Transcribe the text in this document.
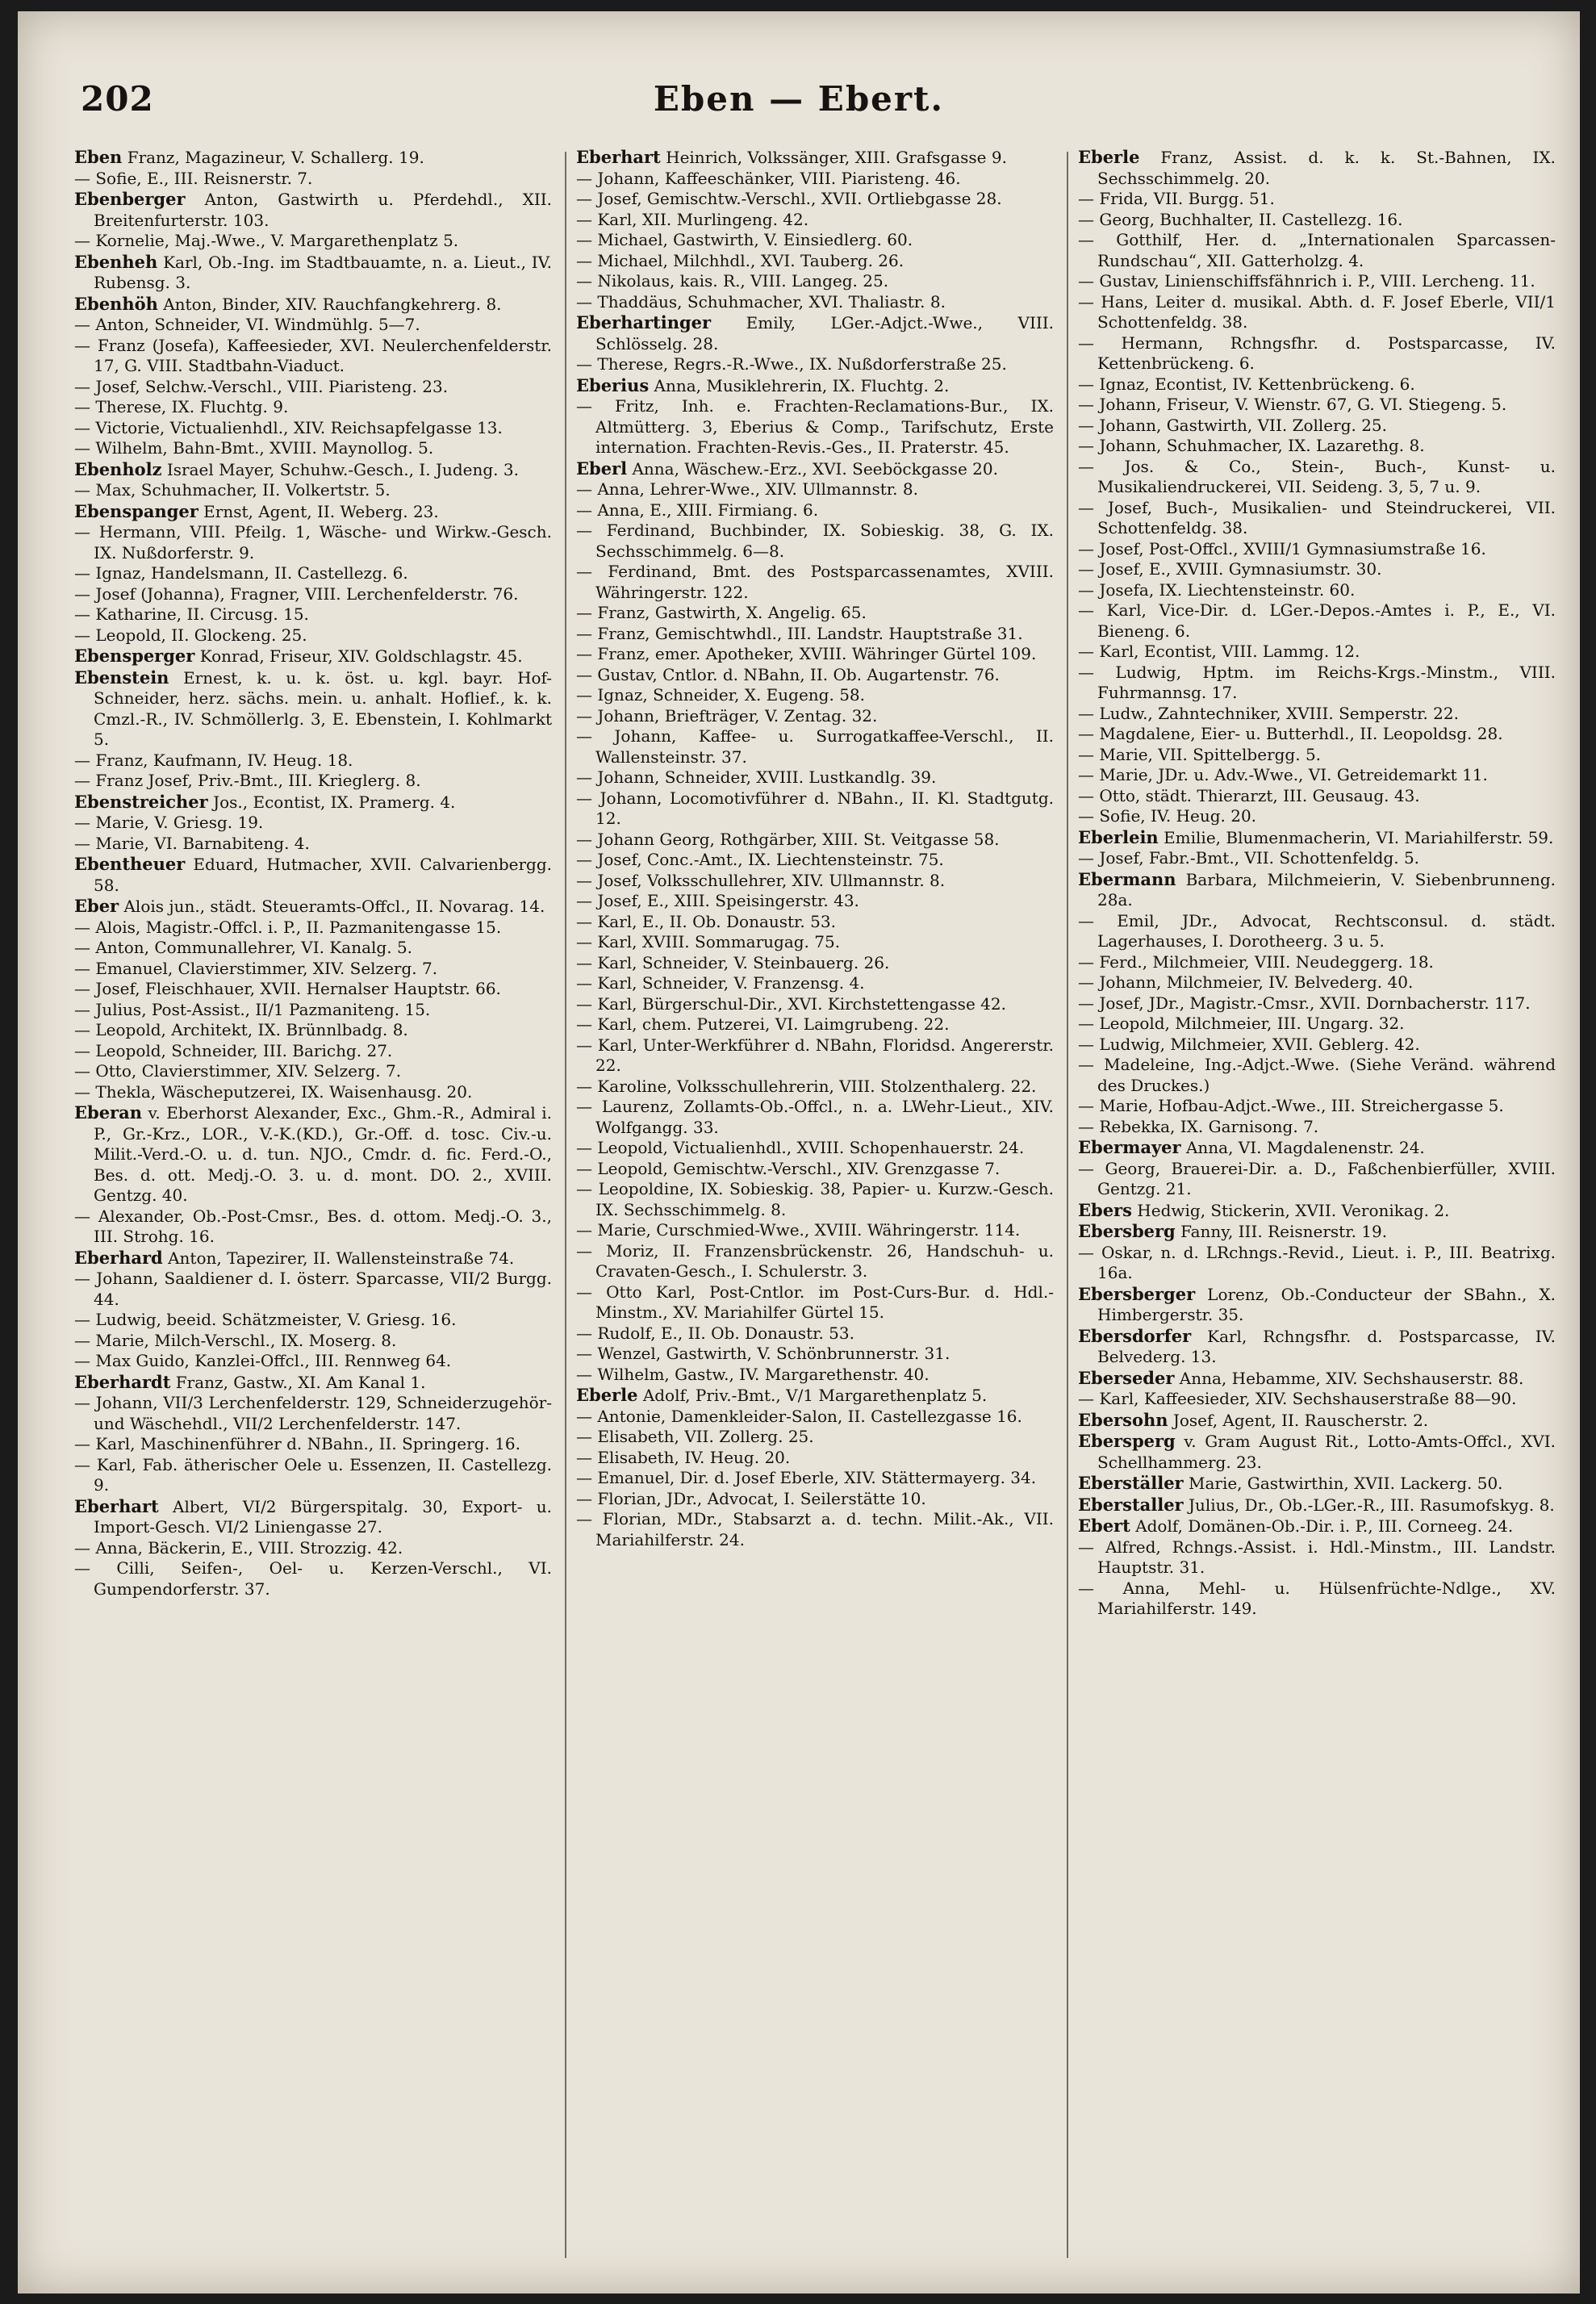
202	Eben — Ebert.

Eben Franz, Magazineur, V. Schallerg. 19.

— Sofie, E., III. Reisnerstr. 7.

Ebenberger Anton, Gastwirth u. Pferdehdl., XII. Breitenfurterstr. 103.

— Kornelie, Maj.-Wwe., V. Margarethenplatz 5.

Ebenheh Karl, Ob.-Ing. im Stadtbauamte, n. a. Lieut., IV. Rubensg. 3.

Ebenhöh Anton, Binder, XIV. Rauchfangkehrerg. 8.

— Anton, Schneider, VI. Windmühlg. 5—7.

— Franz (Josefa), Kaffeesieder, XVI. Neulerchenfelderstr. 17, G. VIII. Stadtbahn-Viaduct.

— Josef, Selchw.-Verschl., VIII. Piaristeng. 23.

— Therese, IX. Fluchtg. 9.

— Victorie, Victualienhdl., XIV. Reichsapfelgasse 13.

— Wilhelm, Bahn-Bmt., XVIII. Maynollog. 5.

Ebenholz Israel Mayer, Schuhw.-Gesch., I. Judeng. 3.

— Max, Schuhmacher, II. Volkertstr. 5.

Ebenspanger Ernst, Agent, II. Weberg. 23.

— Hermann, VIII. Pfeilg. 1, Wäsche- und Wirkw.-Gesch. IX. Nußdorferstr. 9.

— Ignaz, Handelsmann, II. Castellezg. 6.

— Josef (Johanna), Fragner, VIII. Lerchenfelderstr. 76.

— Katharine, II. Circusg. 15.

— Leopold, II. Glockeng. 25.

Ebensperger Konrad, Friseur, XIV. Goldschlagstr. 45.

Ebenstein Ernest, k. u. k. öst. u. kgl. bayr. Hof-Schneider, herz. sächs. mein. u. anhalt. Hoflief., k. k. Cmzl.-R., IV. Schmöllerlg. 3, E. Ebenstein, I. Kohlmarkt 5.

— Franz, Kaufmann, IV. Heug. 18.

— Franz Josef, Priv.-Bmt., III. Krieglerg. 8.

Ebenstreicher Jos., Econtist, IX. Pramerg. 4.

— Marie, V. Griesg. 19.

— Marie, VI. Barnabiteng. 4.

Ebentheuer Eduard, Hutmacher, XVII. Calvarienbergg. 58.

Eber Alois jun., städt. Steueramts-Offcl., II. Novarag. 14.

— Alois, Magistr.-Offcl. i. P., II. Pazmanitengasse 15.

— Anton, Communallehrer, VI. Kanalg. 5.

— Emanuel, Clavierstimmer, XIV. Selzerg. 7.

— Josef, Fleischhauer, XVII. Hernalser Hauptstr. 66.

— Julius, Post-Assist., II/1 Pazmaniteng. 15.

— Leopold, Architekt, IX. Brünnlbadg. 8.

— Leopold, Schneider, III. Barichg. 27.

— Otto, Clavierstimmer, XIV. Selzerg. 7.

— Thekla, Wäscheputzerei, IX. Waisenhausg. 20.

Eberan v. Eberhorst Alexander, Exc., Ghm.-R., Admiral i. P., Gr.-Krz., LOR., V.-K.(KD.), Gr.-Off. d. tosc. Civ.-u. Milit.-Verd.-O. u. d. tun. NJO., Cmdr. d. fic. Ferd.-O., Bes. d. ott. Medj.-O. 3. u. d. mont. DO. 2., XVIII. Gentzg. 40.

— Alexander, Ob.-Post-Cmsr., Bes. d. ottom. Medj.-O. 3., III. Strohg. 16.

Eberhard Anton, Tapezirer, II. Wallensteinstraße 74.

— Johann, Saaldiener d. I. österr. Sparcasse, VII/2 Burgg. 44.

— Ludwig, beeid. Schätzmeister, V. Griesg. 16.

— Marie, Milch-Verschl., IX. Moserg. 8.

— Max Guido, Kanzlei-Offcl., III. Rennweg 64.

Eberhardt Franz, Gastw., XI. Am Kanal 1.

— Johann, VII/3 Lerchenfelderstr. 129, Schneiderzugehör- und Wäschehdl., VII/2 Lerchenfelderstr. 147.

— Karl, Maschinenführer d. NBahn., II. Springerg. 16.

— Karl, Fab. ätherischer Oele u. Essenzen, II. Castellezg. 9.

Eberhart Albert, VI/2 Bürgerspitalg. 30, Export- u. Import-Gesch. VI/2 Liniengasse 27.

— Anna, Bäckerin, E., VIII. Strozzig. 42.

— Cilli, Seifen-, Oel- u. Kerzen-Verschl., VI. Gumpendorferstr. 37.

Eberhart Heinrich, Volkssänger, XIII. Grafsgasse 9.

— Johann, Kaffeeschänker, VIII. Piaristeng. 46.

— Josef, Gemischtw.-Verschl., XVII. Ortliebgasse 28.

— Karl, XII. Murlingeng. 42.

— Michael, Gastwirth, V. Einsiedlerg. 60.

— Michael, Milchhdl., XVI. Tauberg. 26.

— Nikolaus, kais. R., VIII. Langeg. 25.

— Thaddäus, Schuhmacher, XVI. Thaliastr. 8.

Eberhartinger Emily, LGer.-Adjct.-Wwe., VIII. Schlösselg. 28.

— Therese, Regrs.-R.-Wwe., IX. Nußdorferstraße 25.

Eberius Anna, Musiklehrerin, IX. Fluchtg. 2.

— Fritz, Inh. e. Frachten-Reclamations-Bur., IX. Altmütterg. 3, Eberius & Comp., Tarifschutz, Erste internation. Frachten-Revis.-Ges., II. Praterstr. 45.

Eberl Anna, Wäschew.-Erz., XVI. Seeböckgasse 20.

— Anna, Lehrer-Wwe., XIV. Ullmannstr. 8.

— Anna, E., XIII. Firmiang. 6.

— Ferdinand, Buchbinder, IX. Sobieskig. 38, G. IX. Sechsschimmelg. 6—8.

— Ferdinand, Bmt. des Postsparcassenamtes, XVIII. Währingerstr. 122.

— Franz, Gastwirth, X. Angelig. 65.

— Franz, Gemischtwhdl., III. Landstr. Hauptstraße 31.

— Franz, emer. Apotheker, XVIII. Währinger Gürtel 109.

— Gustav, Cntlor. d. NBahn, II. Ob. Augartenstr. 76.

— Ignaz, Schneider, X. Eugeng. 58.

— Johann, Briefträger, V. Zentag. 32.

— Johann, Kaffee- u. Surrogatkaffee-Verschl., II. Wallensteinstr. 37.

— Johann, Schneider, XVIII. Lustkandlg. 39.

— Johann, Locomotivführer d. NBahn., II. Kl. Stadtgutg. 12.

— Johann Georg, Rothgärber, XIII. St. Veitgasse 58.

— Josef, Conc.-Amt., IX. Liechtensteinstr. 75.

— Josef, Volksschullehrer, XIV. Ullmannstr. 8.

— Josef, E., XIII. Speisingerstr. 43.

— Karl, E., II. Ob. Donaustr. 53.

— Karl, XVIII. Sommarugag. 75.

— Karl, Schneider, V. Steinbauerg. 26.

— Karl, Schneider, V. Franzensg. 4.

— Karl, Bürgerschul-Dir., XVI. Kirchstettengasse 42.

— Karl, chem. Putzerei, VI. Laimgrubeng. 22.

— Karl, Unter-Werkführer d. NBahn, Floridsd. Angererstr. 22.

— Karoline, Volksschullehrerin, VIII. Stolzenthalerg. 22.

— Laurenz, Zollamts-Ob.-Offcl., n. a. LWehr-Lieut., XIV. Wolfgangg. 33.

— Leopold, Victualienhdl., XVIII. Schopenhauerstr. 24.

— Leopold, Gemischtw.-Verschl., XIV. Grenzgasse 7.

— Leopoldine, IX. Sobieskig. 38, Papier- u. Kurzw.-Gesch. IX. Sechsschimmelg. 8.

— Marie, Curschmied-Wwe., XVIII. Währingerstr. 114.

— Moriz, II. Franzensbrückenstr. 26, Handschuh- u. Cravaten-Gesch., I. Schulerstr. 3.

— Otto Karl, Post-Cntlor. im Post-Curs-Bur. d. Hdl.-Minstm., XV. Mariahilfer Gürtel 15.

— Rudolf, E., II. Ob. Donaustr. 53.

— Wenzel, Gastwirth, V. Schönbrunnerstr. 31.

— Wilhelm, Gastw., IV. Margarethenstr. 40.

Eberle Adolf, Priv.-Bmt., V/1 Margarethenplatz 5.

— Antonie, Damenkleider-Salon, II. Castellezgasse 16.

— Elisabeth, VII. Zollerg. 25.

— Elisabeth, IV. Heug. 20.

— Emanuel, Dir. d. Josef Eberle, XIV. Stättermayerg. 34.

— Florian, JDr., Advocat, I. Seilerstätte 10.

— Florian, MDr., Stabsarzt a. d. techn. Milit.-Ak., VII. Mariahilferstr. 24.

Eberle Franz, Assist. d. k. k. St.-Bahnen, IX. Sechsschimmelg. 20.

— Frida, VII. Burgg. 51.

— Georg, Buchhalter, II. Castellezg. 16.

— Gotthilf, Her. d. „Internationalen Sparcassen-Rundschau“, XII. Gatterholzg. 4.

— Gustav, Linienschiffsfähnrich i. P., VIII. Lercheng. 11.

— Hans, Leiter d. musikal. Abth. d. F. Josef Eberle, VII/1 Schottenfeldg. 38.

— Hermann, Rchngsfhr. d. Postsparcasse, IV. Kettenbrückeng. 6.

— Ignaz, Econtist, IV. Kettenbrückeng. 6.

— Johann, Friseur, V. Wienstr. 67, G. VI. Stiegeng. 5.

— Johann, Gastwirth, VII. Zollerg. 25.

— Johann, Schuhmacher, IX. Lazarethg. 8.

— Jos. & Co., Stein-, Buch-, Kunst- u. Musikaliendruckerei, VII. Seideng. 3, 5, 7 u. 9.

— Josef, Buch-, Musikalien- und Steindruckerei, VII. Schottenfeldg. 38.

— Josef, Post-Offcl., XVIII/1 Gymnasiumstraße 16.

— Josef, E., XVIII. Gymnasiumstr. 30.

— Josefa, IX. Liechtensteinstr. 60.

— Karl, Vice-Dir. d. LGer.-Depos.-Amtes i. P., E., VI. Bieneng. 6.

— Karl, Econtist, VIII. Lammg. 12.

— Ludwig, Hptm. im Reichs-Krgs.-Minstm., VIII. Fuhrmannsg. 17.

— Ludw., Zahntechniker, XVIII. Semperstr. 22.

— Magdalene, Eier- u. Butterhdl., II. Leopoldsg. 28.

— Marie, VII. Spittelbergg. 5.

— Marie, JDr. u. Adv.-Wwe., VI. Getreidemarkt 11.

— Otto, städt. Thierarzt, III. Geusaug. 43.

— Sofie, IV. Heug. 20.

Eberlein Emilie, Blumenmacherin, VI. Mariahilferstr. 59.

— Josef, Fabr.-Bmt., VII. Schottenfeldg. 5.

Ebermann Barbara, Milchmeierin, V. Siebenbrunneng. 28a.

— Emil, JDr., Advocat, Rechtsconsul. d. städt. Lagerhauses, I. Dorotheerg. 3 u. 5.

— Ferd., Milchmeier, VIII. Neudeggerg. 18.

— Johann, Milchmeier, IV. Belvederg. 40.

— Josef, JDr., Magistr.-Cmsr., XVII. Dornbacherstr. 117.

— Leopold, Milchmeier, III. Ungarg. 32.

— Ludwig, Milchmeier, XVII. Geblerg. 42.

— Madeleine, Ing.-Adjct.-Wwe. (Siehe Veränd. während des Druckes.)

— Marie, Hofbau-Adjct.-Wwe., III. Streichergasse 5.

— Rebekka, IX. Garnisong. 7.

Ebermayer Anna, VI. Magdalenenstr. 24.

— Georg, Brauerei-Dir. a. D., Faßchenbierfüller, XVIII. Gentzg. 21.

Ebers Hedwig, Stickerin, XVII. Veronikag. 2.

Ebersberg Fanny, III. Reisnerstr. 19.

— Oskar, n. d. LRchngs.-Revid., Lieut. i. P., III. Beatrixg. 16a.

Ebersberger Lorenz, Ob.-Conducteur der SBahn., X. Himbergerstr. 35.

Ebersdorfer Karl, Rchngsfhr. d. Postsparcasse, IV. Belvederg. 13.

Eberseder Anna, Hebamme, XIV. Sechshauserstr. 88.

— Karl, Kaffeesieder, XIV. Sechshauserstraße 88—90.

Ebersohn Josef, Agent, II. Rauscherstr. 2.

Ebersperg v. Gram August Rit., Lotto-Amts-Offcl., XVI. Schellhammerg. 23.

Eberställer Marie, Gastwirthin, XVII. Lackerg. 50.

Eberstaller Julius, Dr., Ob.-LGer.-R., III. Rasumofskyg. 8.

Ebert Adolf, Domänen-Ob.-Dir. i. P., III. Corneeg. 24.

— Alfred, Rchngs.-Assist. i. Hdl.-Minstm., III. Landstr. Hauptstr. 31.

— Anna, Mehl- u. Hülsenfrüchte-Ndlge., XV. Mariahilferstr. 149.
